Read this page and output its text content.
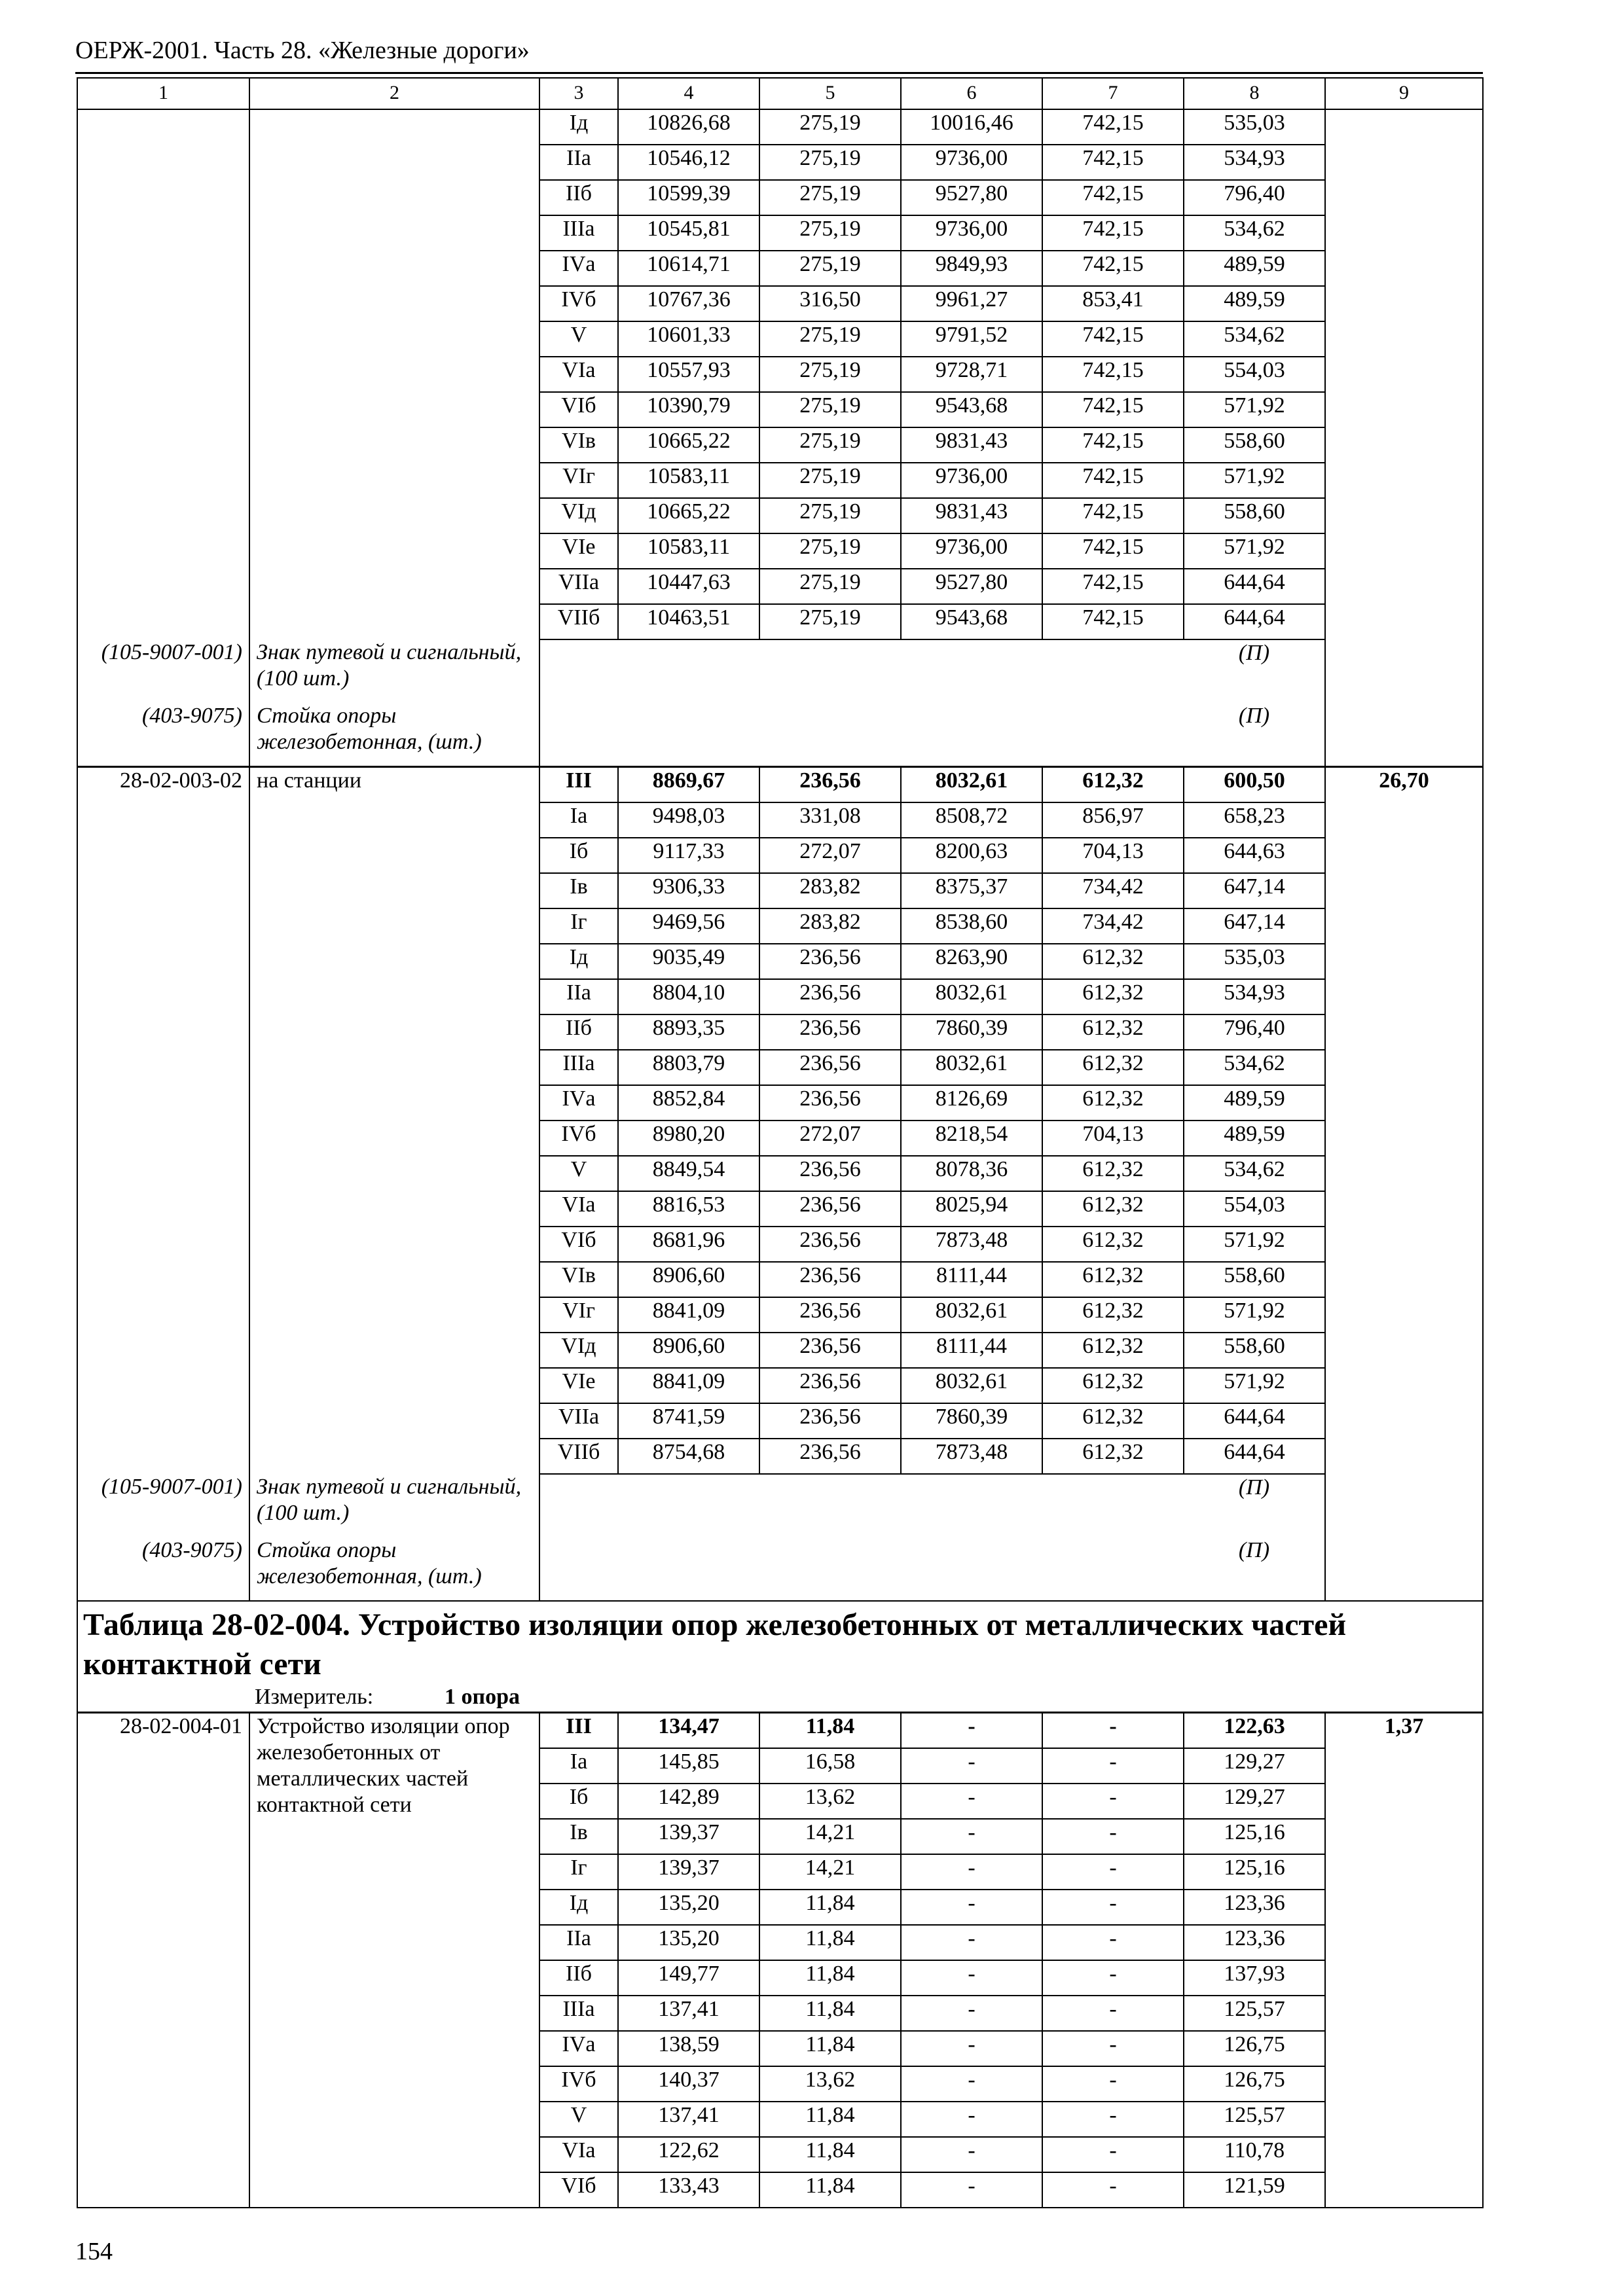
ОЕРЖ-2001. Часть 28. «Железные дороги»
1	2	3	4	5	6	7	8	9
		Iд	10826,68	275,19	10016,46	742,15	535,03	
		IIа	10546,12	275,19	9736,00	742,15	534,93	
		IIб	10599,39	275,19	9527,80	742,15	796,40	
		IIIа	10545,81	275,19	9736,00	742,15	534,62	
		IVа	10614,71	275,19	9849,93	742,15	489,59	
		IVб	10767,36	316,50	9961,27	853,41	489,59	
		V	10601,33	275,19	9791,52	742,15	534,62	
		VIа	10557,93	275,19	9728,71	742,15	554,03	
		VIб	10390,79	275,19	9543,68	742,15	571,92	
		VIв	10665,22	275,19	9831,43	742,15	558,60	
		VIг	10583,11	275,19	9736,00	742,15	571,92	
		VIд	10665,22	275,19	9831,43	742,15	558,60	
		VIе	10583,11	275,19	9736,00	742,15	571,92	
		VIIа	10447,63	275,19	9527,80	742,15	644,64	
		VIIб	10463,51	275,19	9543,68	742,15	644,64	
(105-9007-001)	Знак путевой и сигнальный, (100 шт.)						(П)	
(403-9075)	Стойка опоры железобетонная, (шт.)						(П)	
28-02-003-02	на станции	III	8869,67	236,56	8032,61	612,32	600,50	26,70
		Iа	9498,03	331,08	8508,72	856,97	658,23	
		Iб	9117,33	272,07	8200,63	704,13	644,63	
		Iв	9306,33	283,82	8375,37	734,42	647,14	
		Iг	9469,56	283,82	8538,60	734,42	647,14	
		Iд	9035,49	236,56	8263,90	612,32	535,03	
		IIа	8804,10	236,56	8032,61	612,32	534,93	
		IIб	8893,35	236,56	7860,39	612,32	796,40	
		IIIа	8803,79	236,56	8032,61	612,32	534,62	
		IVа	8852,84	236,56	8126,69	612,32	489,59	
		IVб	8980,20	272,07	8218,54	704,13	489,59	
		V	8849,54	236,56	8078,36	612,32	534,62	
		VIа	8816,53	236,56	8025,94	612,32	554,03	
		VIб	8681,96	236,56	7873,48	612,32	571,92	
		VIв	8906,60	236,56	8111,44	612,32	558,60	
		VIг	8841,09	236,56	8032,61	612,32	571,92	
		VIд	8906,60	236,56	8111,44	612,32	558,60	
		VIе	8841,09	236,56	8032,61	612,32	571,92	
		VIIа	8741,59	236,56	7860,39	612,32	644,64	
		VIIб	8754,68	236,56	7873,48	612,32	644,64	
(105-9007-001)	Знак путевой и сигнальный, (100 шт.)						(П)	
(403-9075)	Стойка опоры железобетонная, (шт.)						(П)	
Таблица 28-02-004. Устройство изоляции опор железобетонных от металлических частей контактной сети								
Измеритель: 1 опора								
28-02-004-01	Устройство изоляции опор железобетонных от металлических частей контактной сети	III	134,47	11,84	-	-	122,63	1,37
		Iа	145,85	16,58	-	-	129,27	
		Iб	142,89	13,62	-	-	129,27	
		Iв	139,37	14,21	-	-	125,16	
		Iг	139,37	14,21	-	-	125,16	
		Iд	135,20	11,84	-	-	123,36	
		IIа	135,20	11,84	-	-	123,36	
		IIб	149,77	11,84	-	-	137,93	
		IIIа	137,41	11,84	-	-	125,57	
		IVа	138,59	11,84	-	-	126,75	
		IVб	140,37	13,62	-	-	126,75	
		V	137,41	11,84	-	-	125,57	
		VIа	122,62	11,84	-	-	110,78	
		VIб	133,43	11,84	-	-	121,59	
154
